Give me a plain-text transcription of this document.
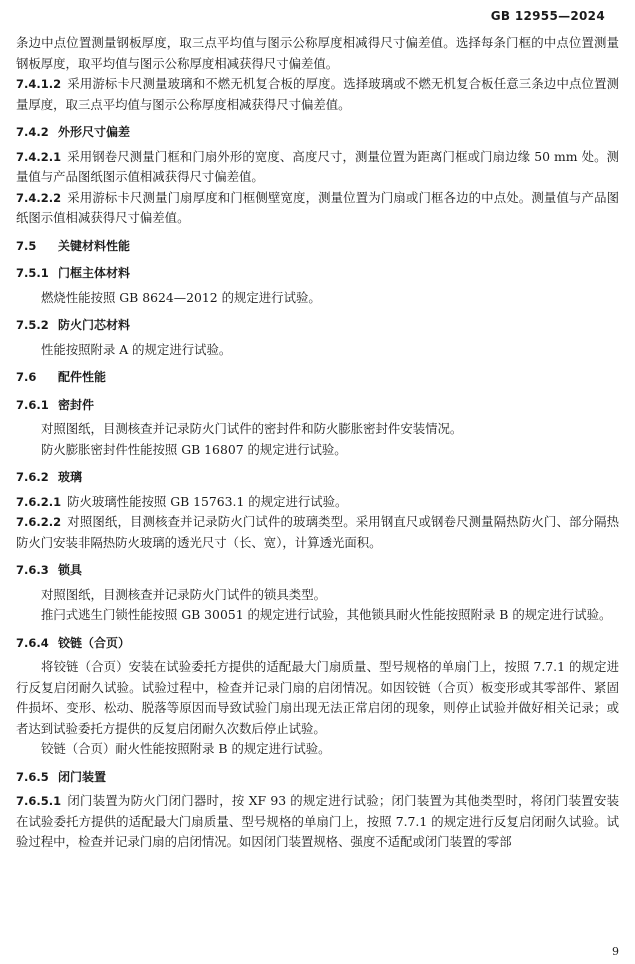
GB 12955—2024

条边中点位置测量钢板厚度，取三点平均值与图示公称厚度相减得尺寸偏差值。选择每条门框的中点位置测量钢板厚度，取平均值与图示公称厚度相减获得尺寸偏差值。

7.4.1.2 采用游标卡尺测量玻璃和不燃无机复合板的厚度。选择玻璃或不燃无机复合板任意三条边中点位置测量厚度，取三点平均值与图示公称厚度相减获得尺寸偏差值。

7.4.2 外形尺寸偏差

7.4.2.1 采用钢卷尺测量门框和门扇外形的宽度、高度尺寸，测量位置为距离门框或门扇边缘 50 mm 处。测量值与产品图纸图示值相减获得尺寸偏差值。

7.4.2.2 采用游标卡尺测量门扇厚度和门框侧壁宽度，测量位置为门扇或门框各边的中点处。测量值与产品图纸图示值相减获得尺寸偏差值。

7.5 关键材料性能

7.5.1 门框主体材料

燃烧性能按照 GB 8624—2012 的规定进行试验。

7.5.2 防火门芯材料

性能按照附录 A 的规定进行试验。

7.6 配件性能

7.6.1 密封件

对照图纸，目测核查并记录防火门试件的密封件和防火膨胀密封件安装情况。

防火膨胀密封件性能按照 GB 16807 的规定进行试验。

7.6.2 玻璃

7.6.2.1 防火玻璃性能按照 GB 15763.1 的规定进行试验。

7.6.2.2 对照图纸，目测核查并记录防火门试件的玻璃类型。采用钢直尺或钢卷尺测量隔热防火门、部分隔热防火门安装非隔热防火玻璃的透光尺寸（长、宽），计算透光面积。

7.6.3 锁具

对照图纸，目测核查并记录防火门试件的锁具类型。

推闩式逃生门锁性能按照 GB 30051 的规定进行试验，其他锁具耐火性能按照附录 B 的规定进行试验。

7.6.4 铰链（合页）

将铰链（合页）安装在试验委托方提供的适配最大门扇质量、型号规格的单扇门上，按照 7.7.1 的规定进行反复启闭耐久试验。试验过程中，检查并记录门扇的启闭情况。如因铰链（合页）板变形或其零部件、紧固件损坏、变形、松动、脱落等原因而导致试验门扇出现无法正常启闭的现象，则停止试验并做好相关记录；或者达到试验委托方提供的反复启闭耐久次数后停止试验。

铰链（合页）耐火性能按照附录 B 的规定进行试验。

7.6.5 闭门装置

7.6.5.1 闭门装置为防火门闭门器时，按 XF 93 的规定进行试验；闭门装置为其他类型时，将闭门装置安装在试验委托方提供的适配最大门扇质量、型号规格的单扇门上，按照 7.7.1 的规定进行反复启闭耐久试验。试验过程中，检查并记录门扇的启闭情况。如因闭门装置规格、强度不适配或闭门装置的零部

9
